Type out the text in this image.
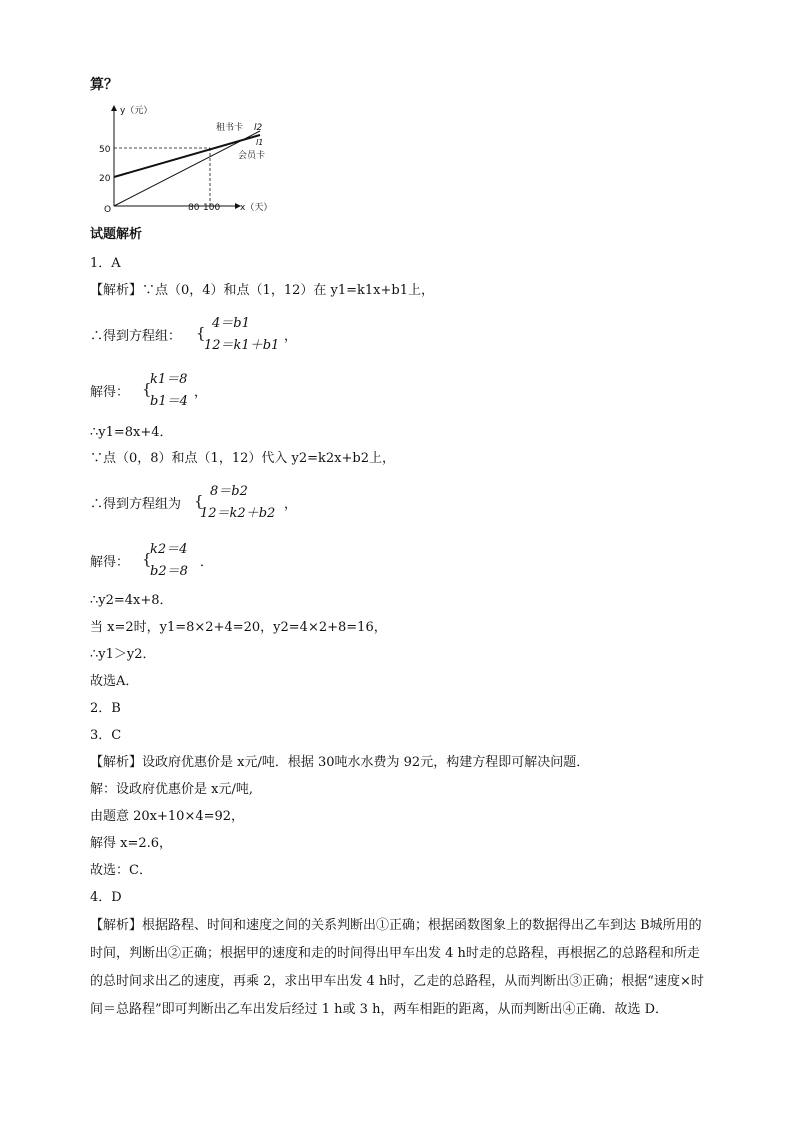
算？
y（元）
x（天）
O
50
20
80 100
租书卡 l2
l1
会员卡
试题解析
1．A
【解析】∵点（0，4）和点（1，12）在 y1=k1x+b1上，
∴得到方程组： {
4＝b1
12＝k1＋b1
，
解得： {
k1＝8
b1＝4
，
∴y1=8x+4．
∵点（0，8）和点（1，12）代入 y2=k2x+b2上，
∴得到方程组为 {
8＝b2
12＝k2＋b2
，
解得： {
k2＝4
b2＝8
．
∴y2=4x+8．
当 x=2时，y1=8×2+4=20，y2=4×2+8=16，
∴y1＞y2．
故选A．
2．B
3．C
【解析】设政府优惠价是 x元/吨．根据 30吨水水费为 92元，构建方程即可解决问题．
解：设政府优惠价是 x元/吨,
由题意 20x+10×4=92，
解得 x=2.6，
故选：C．
4．D
【解析】根据路程、时间和速度之间的关系判断出①正确；根据函数图象上的数据得出乙车到达 B城所用的时间，判断出②正确；根据甲的速度和走的时间得出甲车出发 4 h时走的总路程，再根据乙的总路程和所走的总时间求出乙的速度，再乘 2，求出甲车出发 4 h时，乙走的总路程，从而判断出③正确；根据“速度×时间＝总路程”即可判断出乙车出发后经过 1 h或 3 h，两车相距的距离，从而判断出④正确．故选 D．
